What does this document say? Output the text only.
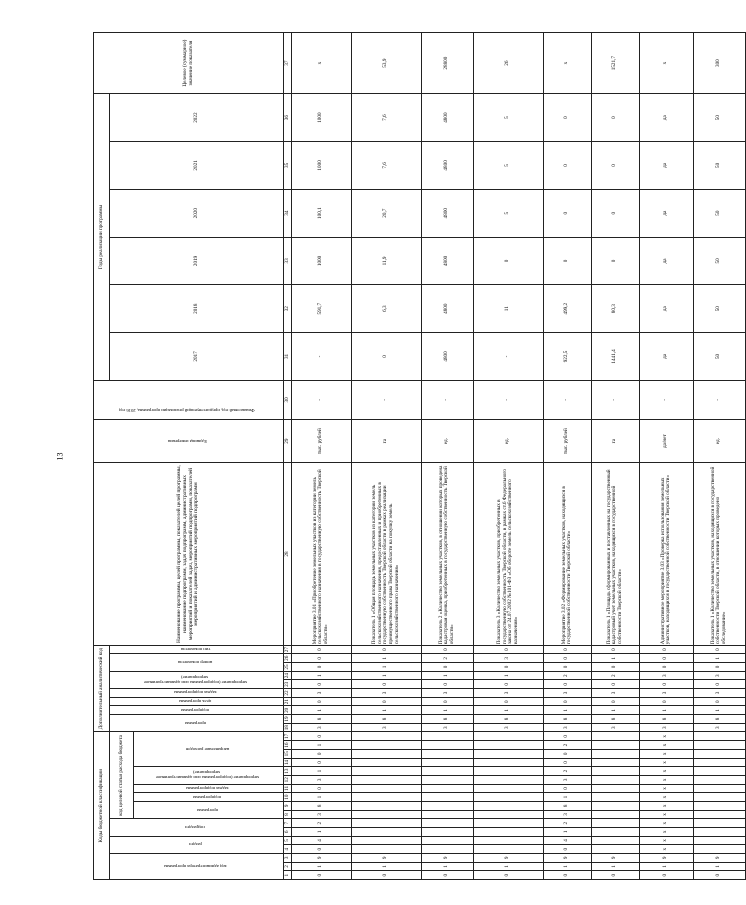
13
Коды бюджетной классификации																	Дополнительный аналитический код										Наименование программы, целей программы, показателей целей программы, наименование подпрограмм, задач подпрограмм, административных мероприятий и показателей задач, мероприятий подпрограмм, показателей мероприятий и административных мероприятий подпрограмм	Единица измерения	Финансовый год, предшествующий реализации программы, 2016 год	Годы реализации программы						Целевое (суммарное) значение показателя
код администратора программы			раздел		подраздел		код целевой статьи расхода бюджета										программа		подпрограмма	цель программы	задача подпрограммы	мероприятие (подпрограммы или административное мероприятие)		номер показателя		тип показателя				2017	2018	2019	2020	2021	2022	
							программа		подпрограмма	задача подпрограммы	мероприятие (подпрограммы или административное мероприятие)		направление расходов																							
1	2	3	4	5	6	7	8	9	10	11	12	13	14	15	16	17	18	19	20	21	22	23	24	25	26	27	28	29	30	31	32	33	34	35	36	37
0	1	9	0	4	1	2	3	8	1	0	3	1	0	0	1	0	3	8	1	0	3	0	1	0	0	0	Мероприятие 3.01 «Приобретение земельных участков из категории земель сельскохозяйственного назначения в государственную собственность Тверской области»	тыс. рублей	-	-	591,7	1000	100,1	1000	1000	х
0	1	9															3	8	1	0	3	0	1	1	1	0	Показатель 1 «Общая площадь земельных участков из категории земель сельскохозяйственного назначения, предоставленных и приобретенных в государственную собственность Тверской области в рамках реализации преимущественного права Тверской области на покупку земель сельскохозяйственного назначения»	га	-	0	6,3	11,9	20,7	7,6	7,6	53,9
0	1	9															3	8	1	0	3	0	1	0	2	0	Показатель 2 «Количество земельных участков, в отношении которых проведена кадастровая оценка, приобретенных в государственную собственность Тверской области»	ед.	-	4800	4800	4800	4800	4800	4800	28800
0	1	9															3	8	1	0	3	0	1	0	3	0	Показатель 3 «Количество земельных участков, приобретенных в государственную собственность Тверской области, в рамках ст.6 Федерального закона от 24.07.2002 №101-ФЗ «Об обороте земель сельскохозяйственного назначения»	ед.	-	-	11	0	5	5	5	26
0	1	9	0	4	1	2	3	8	1	0	3	2	0	0	2	0	3	8	1	0	3	0	2	0	0	0	Мероприятие 3.02 «Формирование земельных участков, находящихся в государственной собственности Тверской области»	тыс. рублей	-	922,5	499,2	0	0	0	0	х
0	1	9															3	8	1	0	3	0	2	0	1	0	Показатель 1 «Площадь сформированных и поставленных на государственный кадастровый учет земельных участков, находящихся в государственной собственности Тверской области»	га	-	1441,4	80,3	0	0	0	0	1521,7
0	1	9	х	х	х	х	х	х	х	х	х	х	х	х	х	х	3	8	1	0	3	0	3	0	0	0	Административное мероприятие 3.03 «Проверка использования земельных участков, находящихся в государственной собственности Тверской области»	да/нет	-	да	да	да	да	да	да	х
0	1	9															3	8	1	0	3	0	3	0	1	0	Показатель 1 «Количество земельных участков, находящихся в государственной собственности Тверской области, в отношении которых проведено обследование»	ед.	-	50	50	50	50	50	50	300
